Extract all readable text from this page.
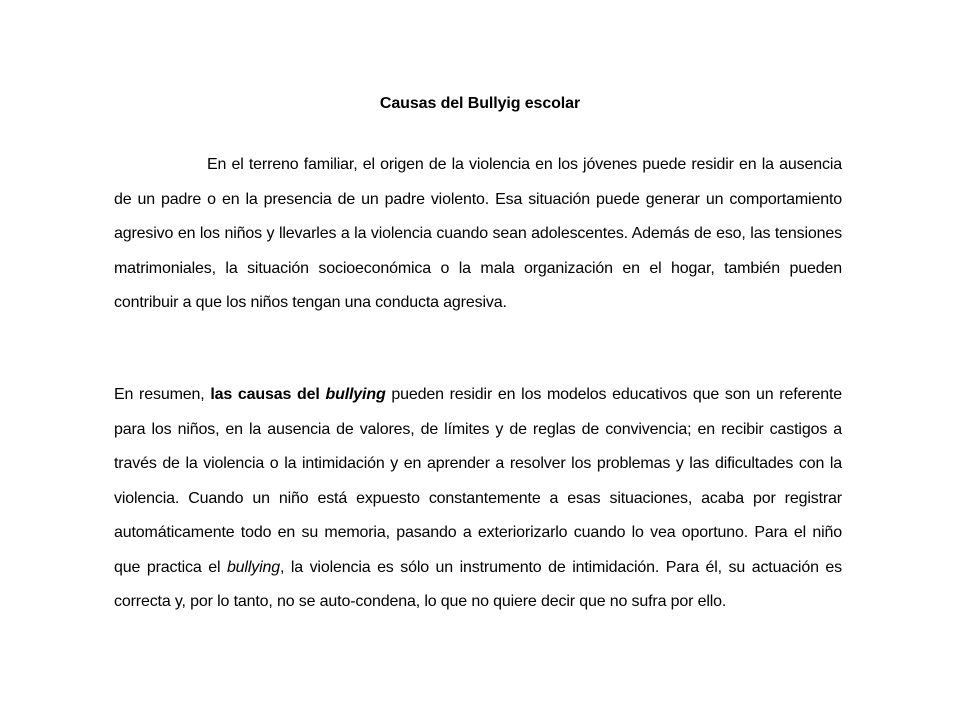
Causas del Bullyig escolar

En el terreno familiar, el origen de la violencia en los jóvenes puede residir en la ausencia de un padre o en la presencia de un padre violento. Esa situación puede generar un comportamiento agresivo en los niños y llevarles a la violencia cuando sean adolescentes. Además de eso, las tensiones matrimoniales, la situación socioeconómica o la mala organización en el hogar, también pueden contribuir a que los niños tengan una conducta agresiva.

En resumen, las causas del bullying pueden residir en los modelos educativos que son un referente para los niños, en la ausencia de valores, de límites y de reglas de convivencia; en recibir castigos a través de la violencia o la intimidación y en aprender a resolver los problemas y las dificultades con la violencia. Cuando un niño está expuesto constantemente a esas situaciones, acaba por registrar automáticamente todo en su memoria, pasando a exteriorizarlo cuando lo vea oportuno. Para el niño que practica el bullying, la violencia es sólo un instrumento de intimidación. Para él, su actuación es correcta y, por lo tanto, no se auto-condena, lo que no quiere decir que no sufra por ello.
